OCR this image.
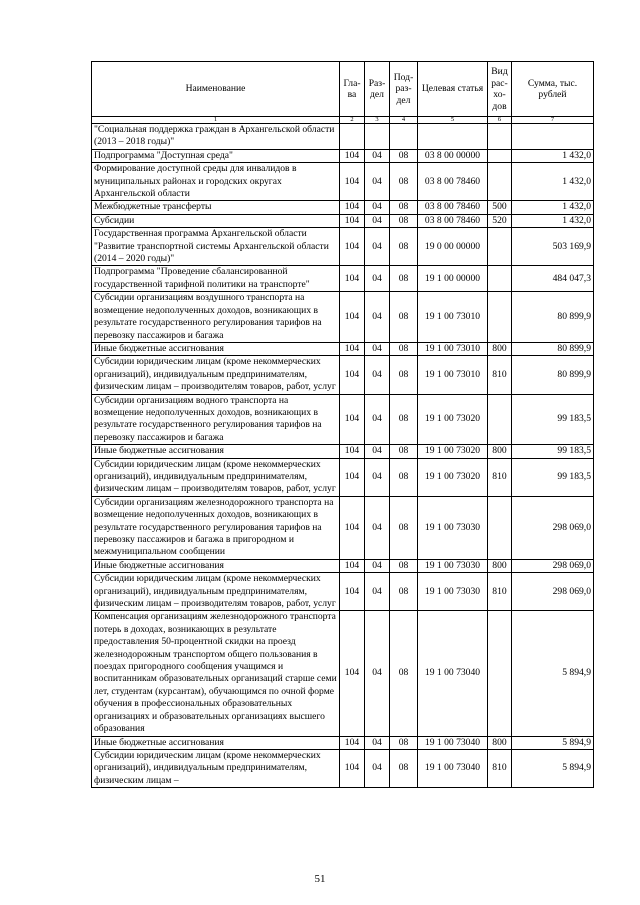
Наименование	Гла-ва	Раз-дел	Под-раз-дел	Целевая статья	Вид рас-хо-дов	Сумма, тыс. рублей
1	2	3	4	5	6	7
"Социальная поддержка граждан в Архангельской области (2013 – 2018 годы)"						
Подпрограмма "Доступная среда"	104	04	08	03 8 00 00000		1 432,0
Формирование доступной среды для инвалидов в муниципальных районах и городских округах Архангельской области	104	04	08	03 8 00 78460		1 432,0
Межбюджетные трансферты	104	04	08	03 8 00 78460	500	1 432,0
Субсидии	104	04	08	03 8 00 78460	520	1 432,0
Государственная программа Архангельской области "Развитие транспортной системы Архангельской области (2014 – 2020 годы)"	104	04	08	19 0 00 00000		503 169,9
Подпрограмма "Проведение сбалансированной государственной тарифной политики на транспорте"	104	04	08	19 1 00 00000		484 047,3
Субсидии организациям воздушного транспорта на возмещение недополученных доходов, возникающих в результате государственного регулирования тарифов на перевозку пассажиров и багажа	104	04	08	19 1 00 73010		80 899,9
Иные бюджетные ассигнования	104	04	08	19 1 00 73010	800	80 899,9
Субсидии юридическим лицам (кроме некоммерческих организаций), индивидуальным предпринимателям, физическим лицам – производителям товаров, работ, услуг	104	04	08	19 1 00 73010	810	80 899,9
Субсидии организациям водного транспорта на возмещение недополученных доходов, возникающих в результате государственного регулирования тарифов на перевозку пассажиров и багажа	104	04	08	19 1 00 73020		99 183,5
Иные бюджетные ассигнования	104	04	08	19 1 00 73020	800	99 183,5
Субсидии юридическим лицам (кроме некоммерческих организаций), индивидуальным предпринимателям, физическим лицам – производителям товаров, работ, услуг	104	04	08	19 1 00 73020	810	99 183,5
Субсидии организациям железнодорожного транспорта на возмещение недополученных доходов, возникающих в результате государственного регулирования тарифов на перевозку пассажиров и багажа в пригородном и межмуниципальном сообщении	104	04	08	19 1 00 73030		298 069,0
Иные бюджетные ассигнования	104	04	08	19 1 00 73030	800	298 069,0
Субсидии юридическим лицам (кроме некоммерческих организаций), индивидуальным предпринимателям, физическим лицам – производителям товаров, работ, услуг	104	04	08	19 1 00 73030	810	298 069,0
Компенсация организациям железнодорожного транспорта потерь в доходах, возникающих в результате предоставления 50-процентной скидки на проезд железнодорожным транспортом общего пользования в поездах пригородного сообщения учащимся и воспитанникам образовательных организаций старше семи лет, студентам (курсантам), обучающимся по очной форме обучения в профессиональных образовательных организациях и образовательных организациях высшего образования	104	04	08	19 1 00 73040		5 894,9
Иные бюджетные ассигнования	104	04	08	19 1 00 73040	800	5 894,9
Субсидии юридическим лицам (кроме некоммерческих организаций), индивидуальным предпринимателям, физическим лицам –	104	04	08	19 1 00 73040	810	5 894,9
51
